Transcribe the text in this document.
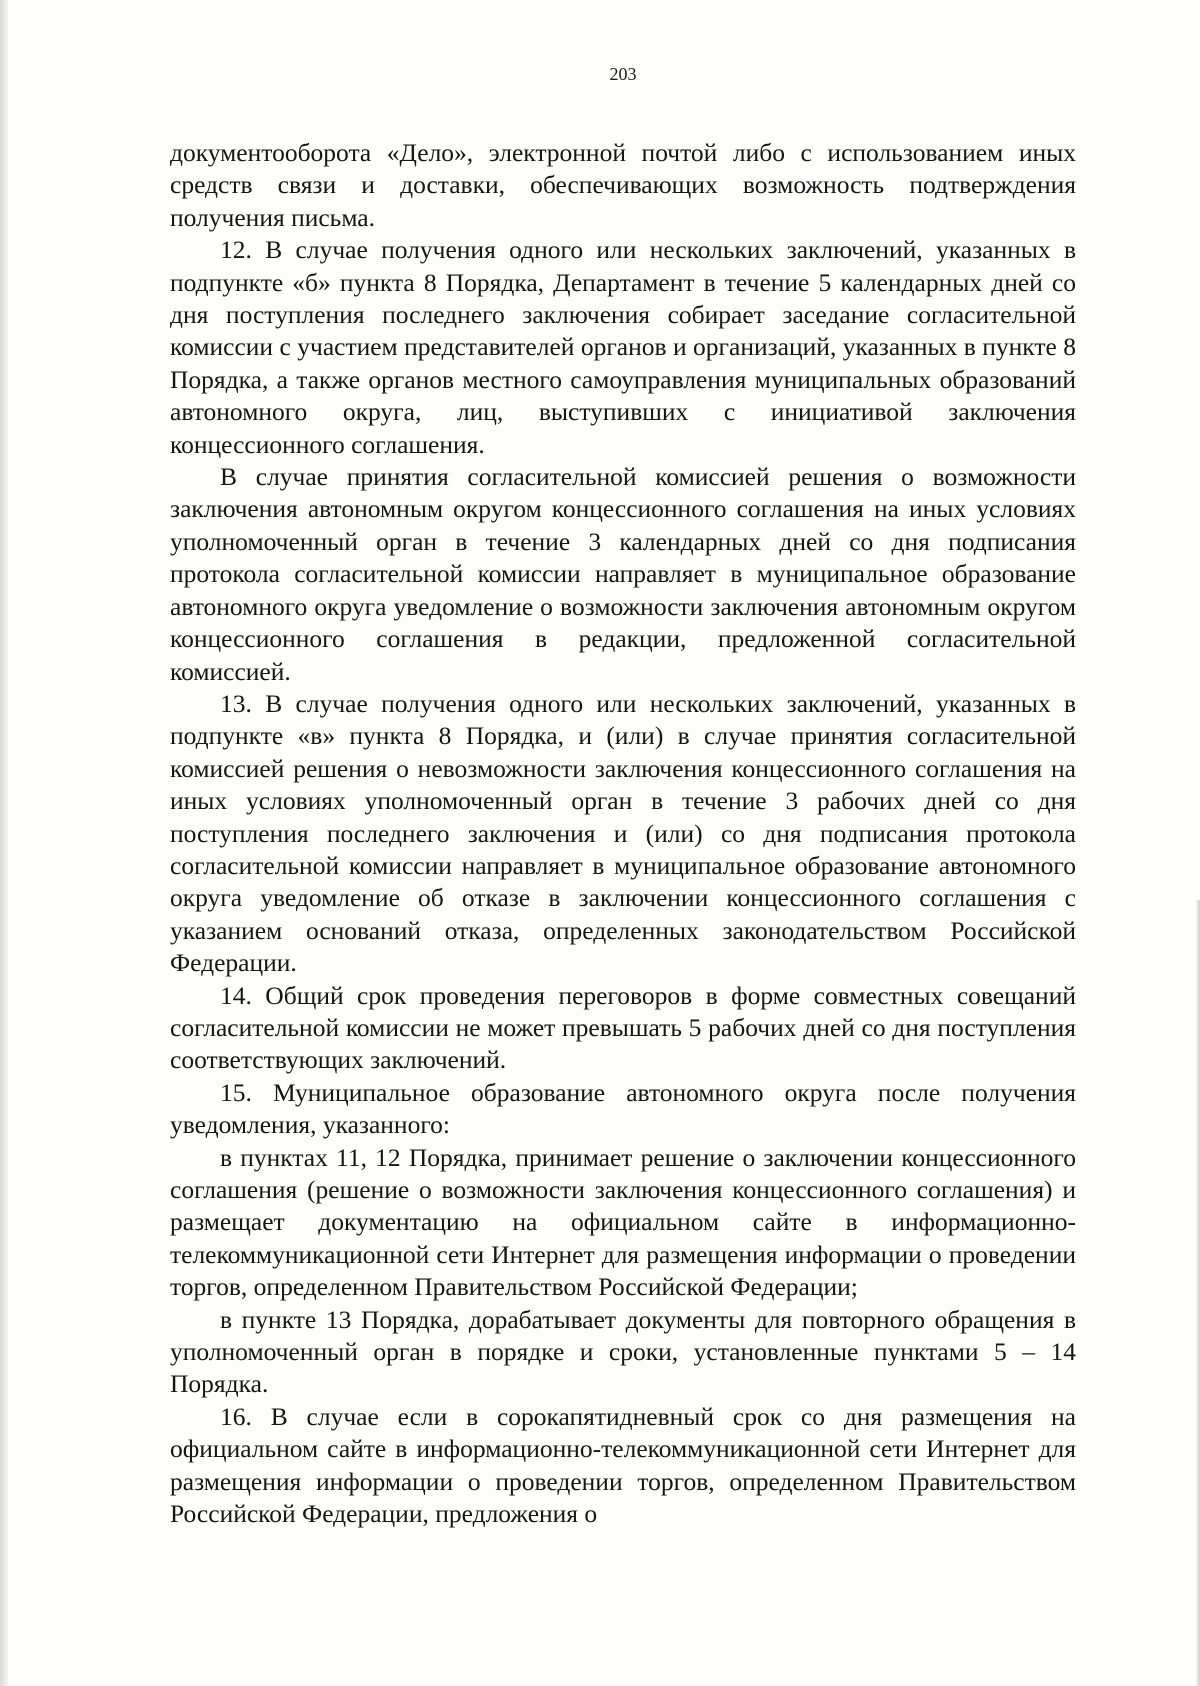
203

документооборота «Дело», электронной почтой либо с использованием иных средств связи и доставки, обеспечивающих возможность подтверждения получения письма.

12. В случае получения одного или нескольких заключений, указанных в подпункте «б» пункта 8 Порядка, Департамент в течение 5 календарных дней со дня поступления последнего заключения собирает заседание согласительной комиссии с участием представителей органов и организаций, указанных в пункте 8 Порядка, а также органов местного самоуправления муниципальных образований автономного округа, лиц, выступивших с инициативой заключения концессионного соглашения.

В случае принятия согласительной комиссией решения о возможности заключения автономным округом концессионного соглашения на иных условиях уполномоченный орган в течение 3 календарных дней со дня подписания протокола согласительной комиссии направляет в муниципальное образование автономного округа уведомление о возможности заключения автономным округом концессионного соглашения в редакции, предложенной согласительной комиссией.

13. В случае получения одного или нескольких заключений, указанных в подпункте «в» пункта 8 Порядка, и (или) в случае принятия согласительной комиссией решения о невозможности заключения концессионного соглашения на иных условиях уполномоченный орган в течение 3 рабочих дней со дня поступления последнего заключения и (или) со дня подписания протокола согласительной комиссии направляет в муниципальное образование автономного округа уведомление об отказе в заключении концессионного соглашения с указанием оснований отказа, определенных законодательством Российской Федерации.

14. Общий срок проведения переговоров в форме совместных совещаний согласительной комиссии не может превышать 5 рабочих дней со дня поступления соответствующих заключений.

15. Муниципальное образование автономного округа после получения уведомления, указанного:

в пунктах 11, 12 Порядка, принимает решение о заключении концессионного соглашения (решение о возможности заключения концессионного соглашения) и размещает документацию на официальном сайте в информационно-телекоммуникационной сети Интернет для размещения информации о проведении торгов, определенном Правительством Российской Федерации;

в пункте 13 Порядка, дорабатывает документы для повторного обращения в уполномоченный орган в порядке и сроки, установленные пунктами 5 – 14 Порядка.

16. В случае если в сорокапятидневный срок со дня размещения на официальном сайте в информационно-телекоммуникационной сети Интернет для размещения информации о проведении торгов, определенном Правительством Российской Федерации, предложения о
